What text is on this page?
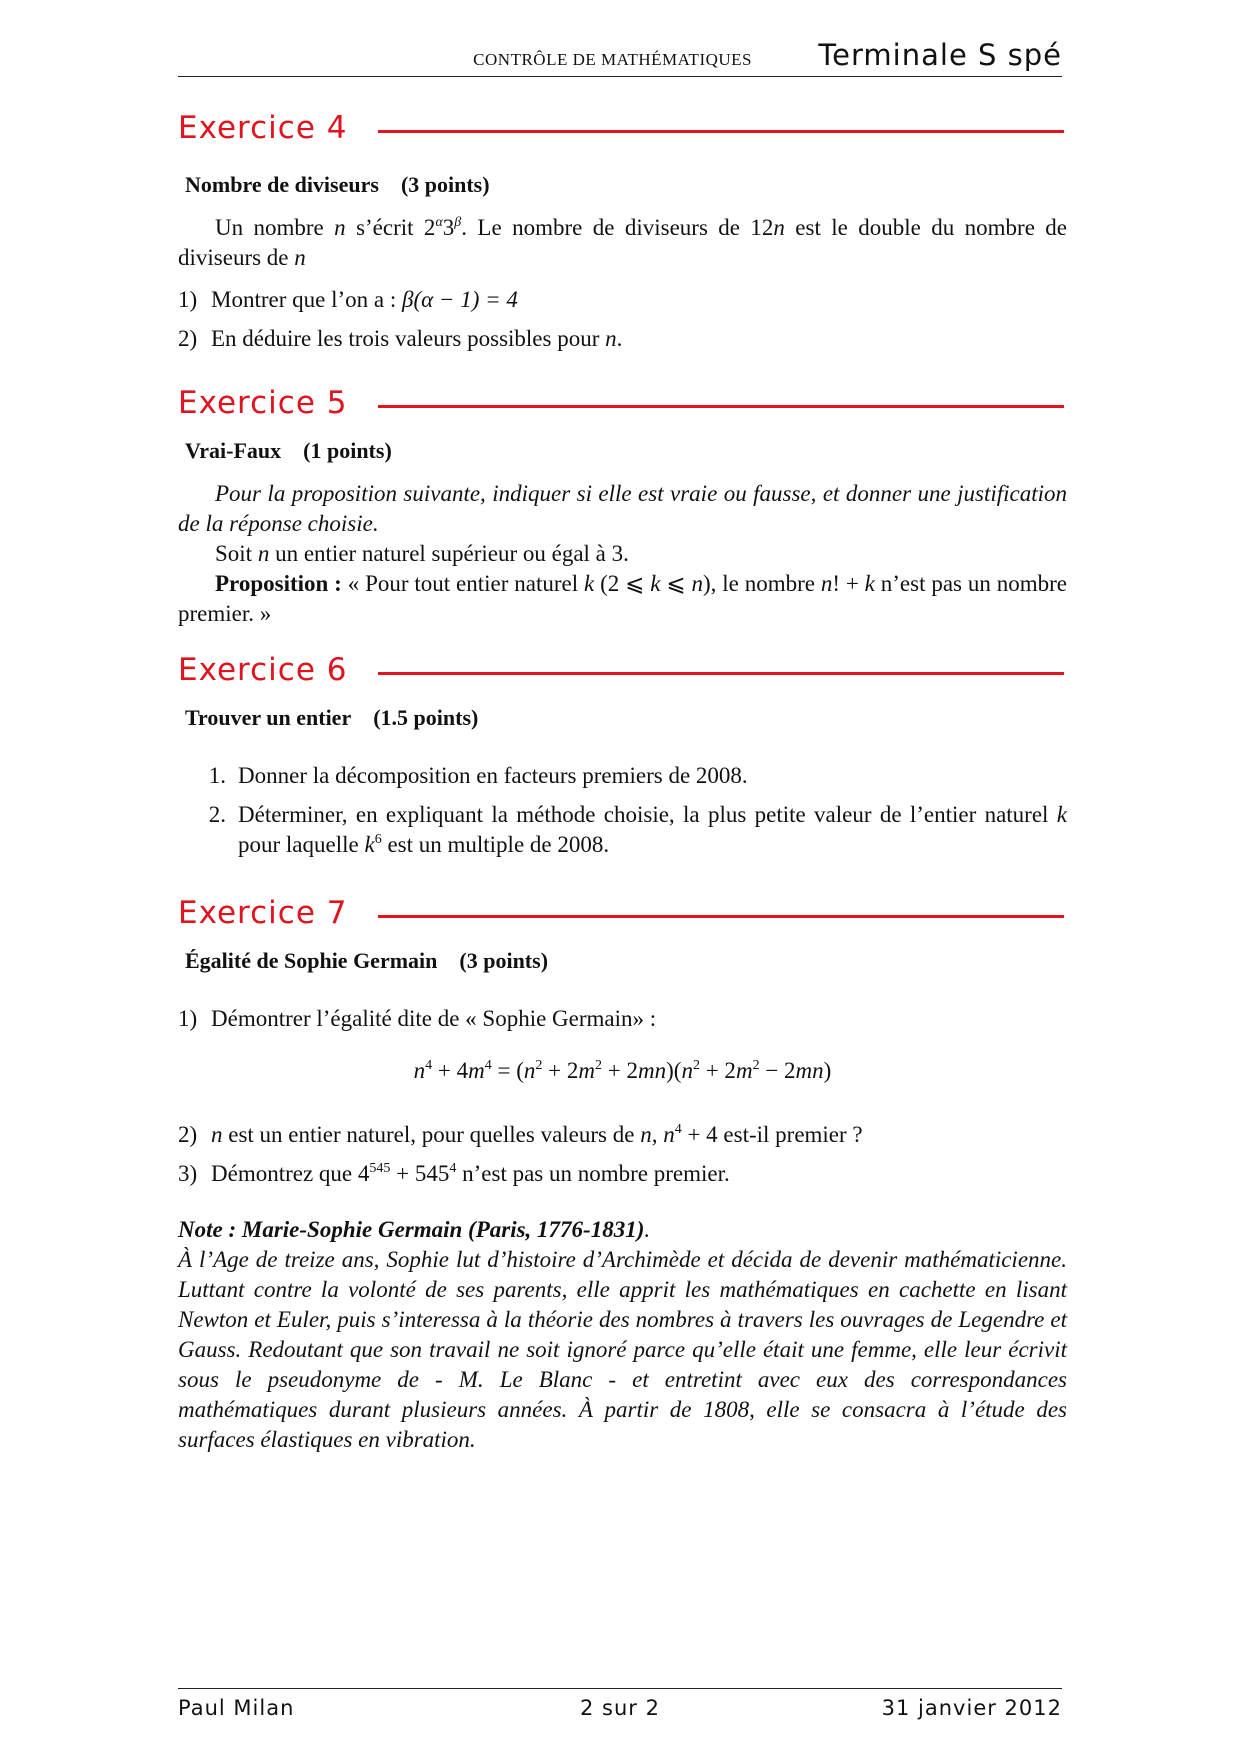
CONTRÔLE DE MATHÉMATIQUES Terminale S spé
Exercice 4
Nombre de diviseurs (3 points)
Un nombre n s’écrit $2^\alpha 3^\beta$. Le nombre de diviseurs de 12n est le double du nombre de diviseurs de n
1) Montrer que l’on a : β(α − 1) = 4
2) En déduire les trois valeurs possibles pour n.
Exercice 5
Vrai-Faux (1 points)
Pour la proposition suivante, indiquer si elle est vraie ou fausse, et donner une justification de la réponse choisie.
Soit n un entier naturel supérieur ou égal à 3.
Proposition : « Pour tout entier naturel k (2 ⩽ k ⩽ n), le nombre n! + k n’est pas un nombre premier. »
Exercice 6
Trouver un entier (1.5 points)
1. Donner la décomposition en facteurs premiers de 2008.
2. Déterminer, en expliquant la méthode choisie, la plus petite valeur de l’entier naturel k pour laquelle $k^6$ est un multiple de 2008.
Exercice 7
Égalité de Sophie Germain (3 points)
1) Démontrer l’égalité dite de « Sophie Germain» :
$n^4 + 4m^4 = (n^2 + 2m^2 + 2mn)(n^2 + 2m^2 - 2mn)$
2) n est un entier naturel, pour quelles valeurs de n, $n^4 + 4$ est-il premier ?
3) Démontrez que $4^{545} + 545^4$ n’est pas un nombre premier.
Note : Marie-Sophie Germain (Paris, 1776-1831).
À l’Age de treize ans, Sophie lut d’histoire d’Archimède et décida de devenir mathématicienne. Luttant contre la volonté de ses parents, elle apprit les mathématiques en cachette en lisant Newton et Euler, puis s’interessa à la théorie des nombres à travers les ouvrages de Legendre et Gauss. Redoutant que son travail ne soit ignoré parce qu’elle était une femme, elle leur écrivit sous le pseudonyme de - M. Le Blanc - et entretint avec eux des correspondances mathématiques durant plusieurs années. À partir de 1808, elle se consacra à l’étude des surfaces élastiques en vibration.
Paul Milan	2 sur 2	31 janvier 2012
